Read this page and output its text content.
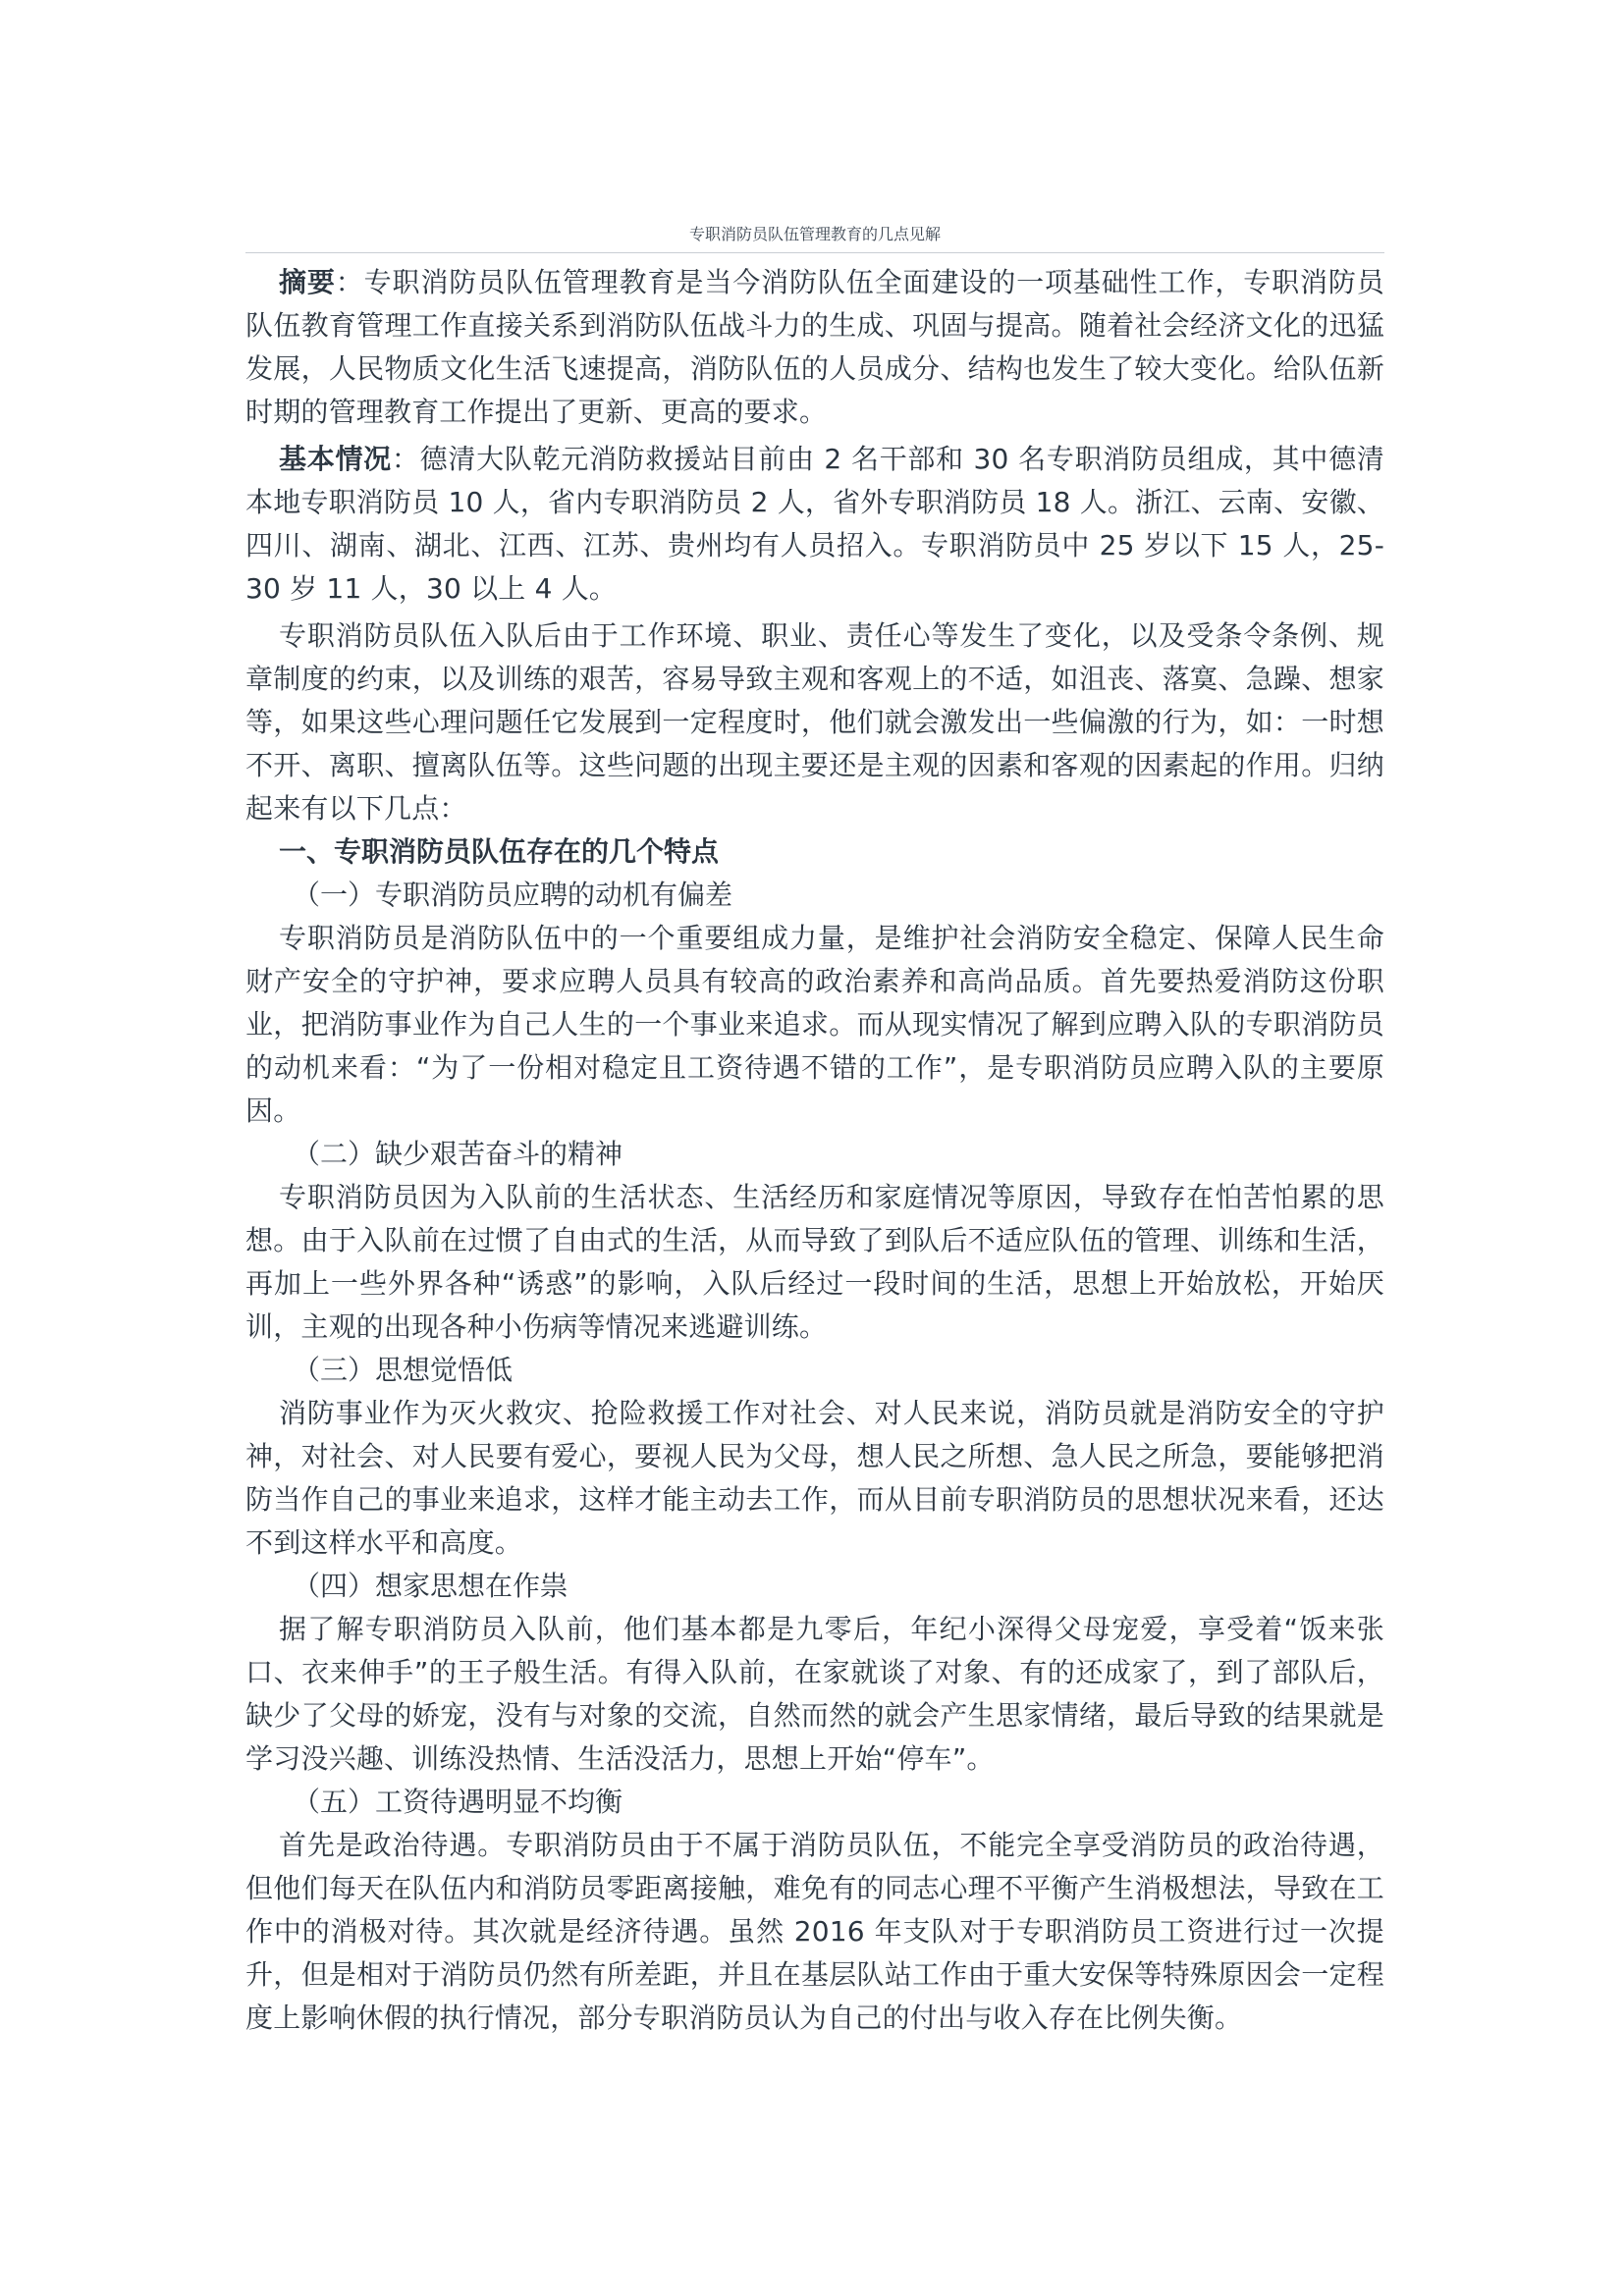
专职消防员队伍管理教育的几点见解

摘要：专职消防员队伍管理教育是当今消防队伍全面建设的一项基础性工作，专职消防员队伍教育管理工作直接关系到消防队伍战斗力的生成、巩固与提高。随着社会经济文化的迅猛发展，人民物质文化生活飞速提高，消防队伍的人员成分、结构也发生了较大变化。给队伍新时期的管理教育工作提出了更新、更高的要求。

基本情况：德清大队乾元消防救援站目前由 2 名干部和 30 名专职消防员组成，其中德清本地专职消防员 10 人，省内专职消防员 2 人，省外专职消防员 18 人。浙江、云南、安徽、四川、湖南、湖北、江西、江苏、贵州均有人员招入。专职消防员中 25 岁以下 15 人，25-30 岁 11 人，30 以上 4 人。

专职消防员队伍入队后由于工作环境、职业、责任心等发生了变化，以及受条令条例、规章制度的约束，以及训练的艰苦，容易导致主观和客观上的不适，如沮丧、落寞、急躁、想家等，如果这些心理问题任它发展到一定程度时，他们就会激发出一些偏激的行为，如：一时想不开、离职、擅离队伍等。这些问题的出现主要还是主观的因素和客观的因素起的作用。归纳起来有以下几点：

一、专职消防员队伍存在的几个特点

（一）专职消防员应聘的动机有偏差

专职消防员是消防队伍中的一个重要组成力量，是维护社会消防安全稳定、保障人民生命财产安全的守护神，要求应聘人员具有较高的政治素养和高尚品质。首先要热爱消防这份职业，把消防事业作为自己人生的一个事业来追求。而从现实情况了解到应聘入队的专职消防员的动机来看：“为了一份相对稳定且工资待遇不错的工作”，是专职消防员应聘入队的主要原因。

（二）缺少艰苦奋斗的精神

专职消防员因为入队前的生活状态、生活经历和家庭情况等原因，导致存在怕苦怕累的思想。由于入队前在过惯了自由式的生活，从而导致了到队后不适应队伍的管理、训练和生活，再加上一些外界各种“诱惑”的影响，入队后经过一段时间的生活，思想上开始放松，开始厌训，主观的出现各种小伤病等情况来逃避训练。

（三）思想觉悟低

消防事业作为灭火救灾、抢险救援工作对社会、对人民来说，消防员就是消防安全的守护神，对社会、对人民要有爱心，要视人民为父母，想人民之所想、急人民之所急，要能够把消防当作自己的事业来追求，这样才能主动去工作，而从目前专职消防员的思想状况来看，还达不到这样水平和高度。

（四）想家思想在作祟

据了解专职消防员入队前，他们基本都是九零后，年纪小深得父母宠爱，享受着“饭来张口、衣来伸手”的王子般生活。有得入队前，在家就谈了对象、有的还成家了，到了部队后，缺少了父母的娇宠，没有与对象的交流，自然而然的就会产生思家情绪，最后导致的结果就是学习没兴趣、训练没热情、生活没活力，思想上开始“停车”。

（五）工资待遇明显不均衡

首先是政治待遇。专职消防员由于不属于消防员队伍，不能完全享受消防员的政治待遇，但他们每天在队伍内和消防员零距离接触，难免有的同志心理不平衡产生消极想法，导致在工作中的消极对待。其次就是经济待遇。虽然 2016 年支队对于专职消防员工资进行过一次提升，但是相对于消防员仍然有所差距，并且在基层队站工作由于重大安保等特殊原因会一定程度上影响休假的执行情况，部分专职消防员认为自己的付出与收入存在比例失衡。
